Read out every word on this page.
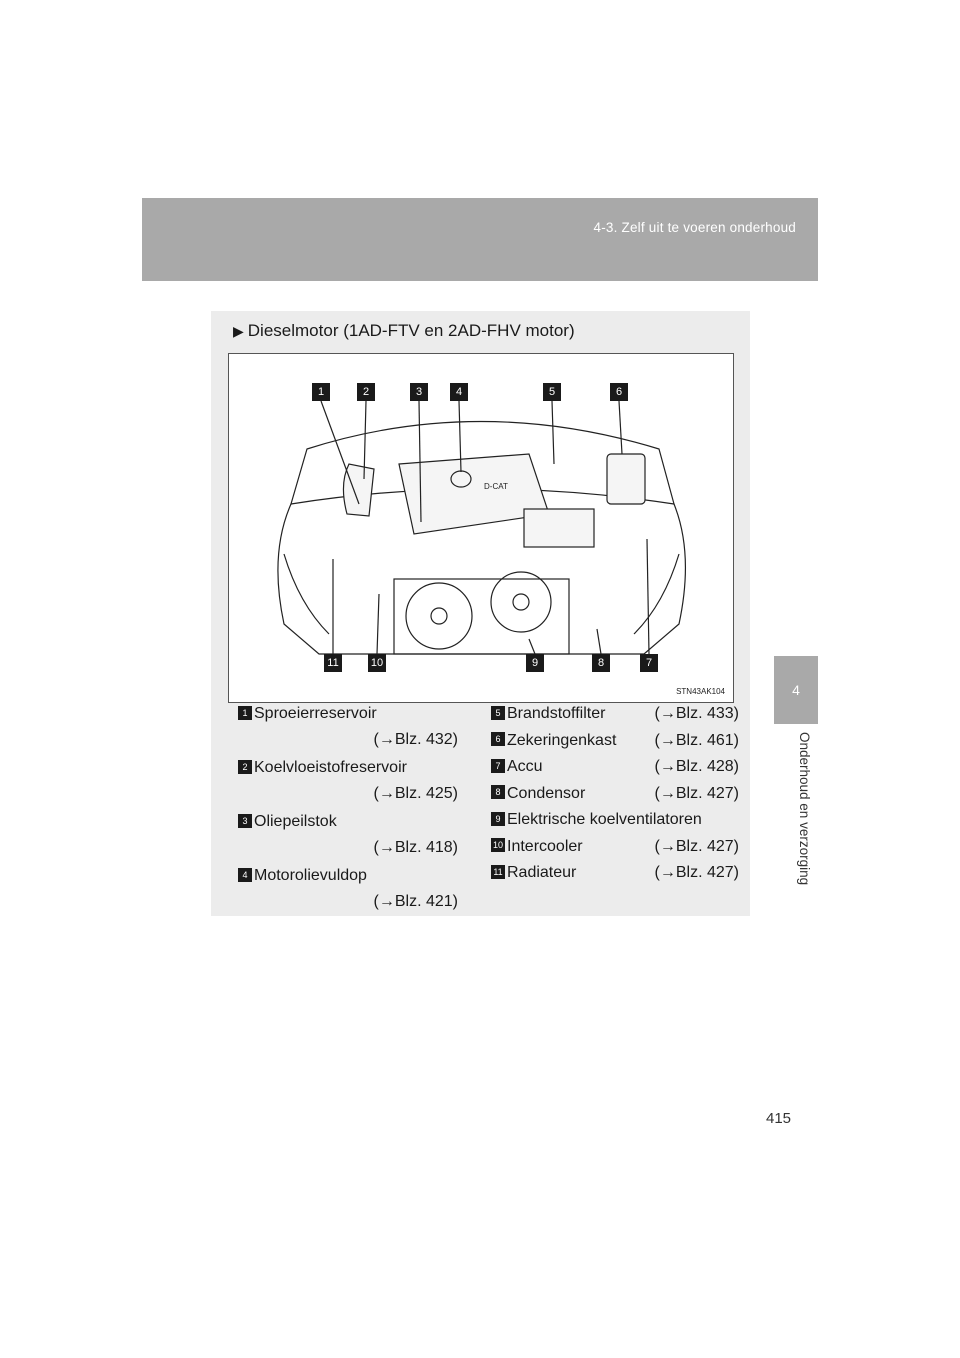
4-3. Zelf uit te voeren onderhoud
4
Onderhoud en verzorging
▶ Dieselmotor (1AD-FTV en 2AD-FHV motor)
D-CAT
1	2	3	4	5	6
11	10	9	8	7
STN43AK104
1 Sproeierreservoir
(→Blz. 432)
2 Koelvloeistofreservoir
(→Blz. 425)
3 Oliepeilstok
(→Blz. 418)
4 Motorolievuldop
(→Blz. 421)
5 Brandstoffilter	(→Blz. 433)
6 Zekeringenkast (→Blz. 461)
7 Accu	(→Blz. 428)
8 Condensor	(→Blz. 427)
9 Elektrische koelventilatoren
10 Intercooler	(→Blz. 427)
11 Radiateur	(→Blz. 427)
415
